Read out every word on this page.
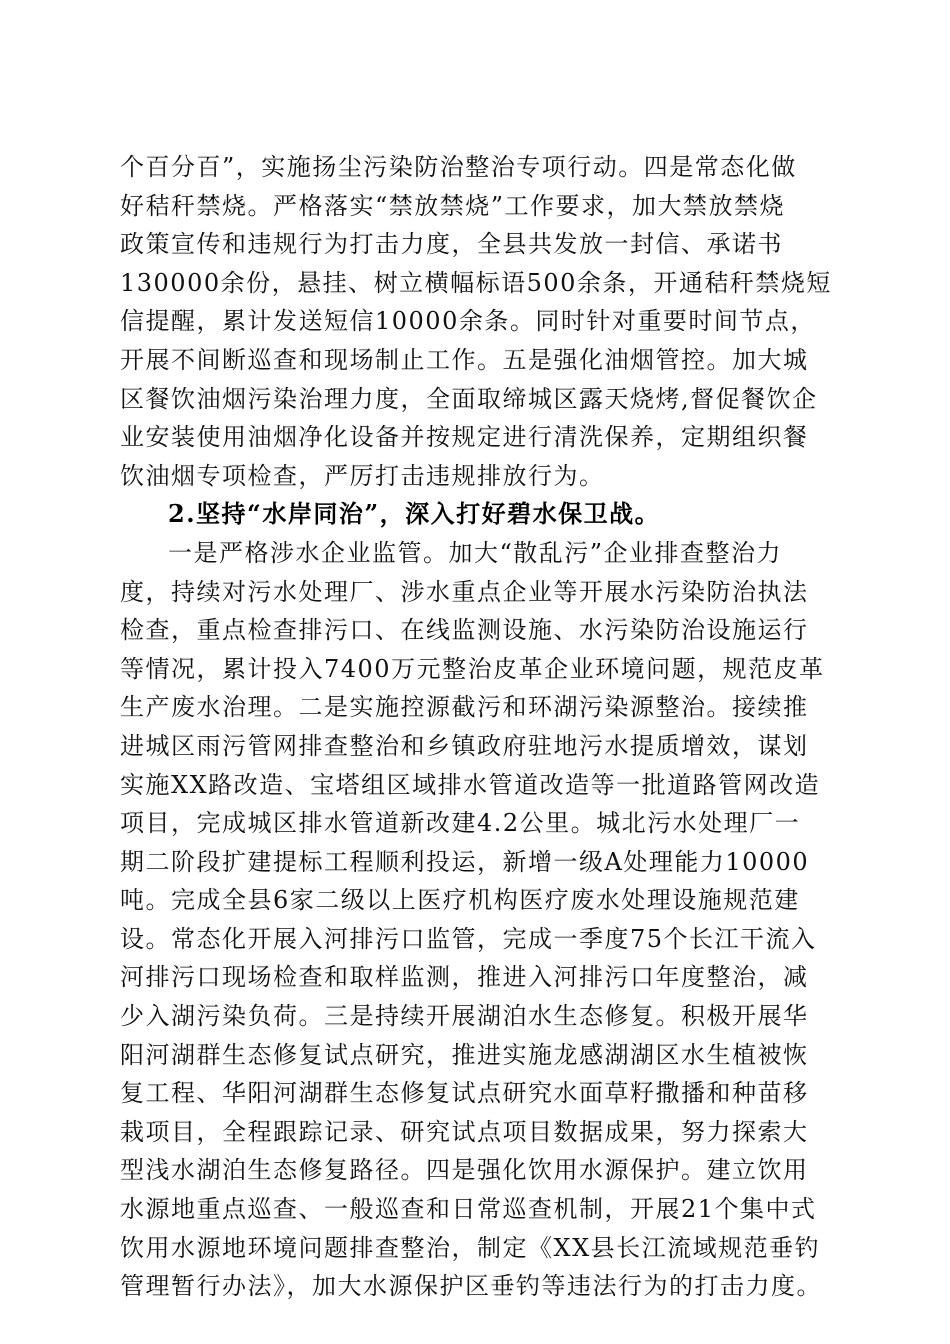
个百分百”，实施扬尘污染防治整治专项行动。四是常态化做
好秸秆禁烧。严格落实“禁放禁烧”工作要求，加大禁放禁烧
政策宣传和违规行为打击力度，全县共发放一封信、承诺书
130000余份，悬挂、树立横幅标语500余条，开通秸秆禁烧短
信提醒，累计发送短信10000余条。同时针对重要时间节点，
开展不间断巡查和现场制止工作。五是强化油烟管控。加大城
区餐饮油烟污染治理力度，全面取缔城区露天烧烤,督促餐饮企
业安装使用油烟净化设备并按规定进行清洗保养，定期组织餐
饮油烟专项检查，严厉打击违规排放行为。
2.坚持“水岸同治”，深入打好碧水保卫战。
一是严格涉水企业监管。加大“散乱污”企业排查整治力
度，持续对污水处理厂、涉水重点企业等开展水污染防治执法
检查，重点检查排污口、在线监测设施、水污染防治设施运行
等情况，累计投入7400万元整治皮革企业环境问题，规范皮革
生产废水治理。二是实施控源截污和环湖污染源整治。接续推
进城区雨污管网排查整治和乡镇政府驻地污水提质增效，谋划
实施XX路改造、宝塔组区域排水管道改造等一批道路管网改造
项目，完成城区排水管道新改建4.2公里。城北污水处理厂一
期二阶段扩建提标工程顺利投运，新增一级A处理能力10000
吨。完成全县6家二级以上医疗机构医疗废水处理设施规范建
设。常态化开展入河排污口监管，完成一季度75个长江干流入
河排污口现场检查和取样监测，推进入河排污口年度整治，减
少入湖污染负荷。三是持续开展湖泊水生态修复。积极开展华
阳河湖群生态修复试点研究，推进实施龙感湖湖区水生植被恢
复工程、华阳河湖群生态修复试点研究水面草籽撒播和种苗移
栽项目，全程跟踪记录、研究试点项目数据成果，努力探索大
型浅水湖泊生态修复路径。四是强化饮用水源保护。建立饮用
水源地重点巡查、一般巡查和日常巡查机制，开展21个集中式
饮用水源地环境问题排查整治，制定《XX县长江流域规范垂钓
管理暂行办法》，加大水源保护区垂钓等违法行为的打击力度。
